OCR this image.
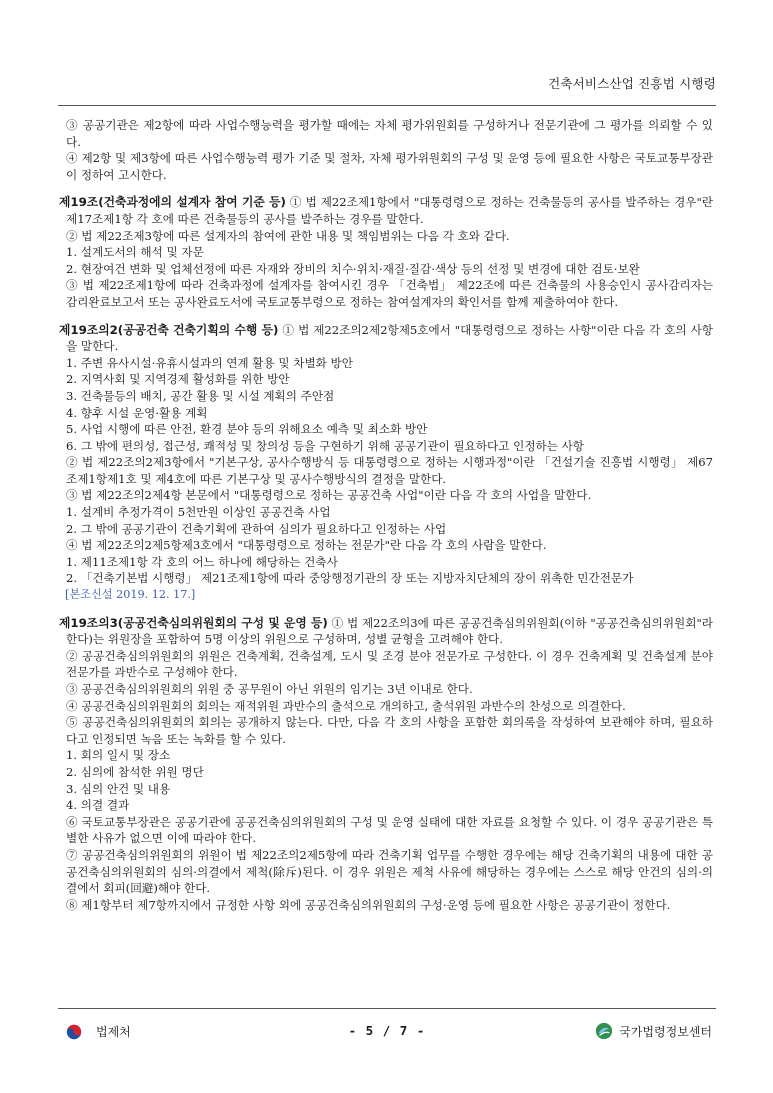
건축서비스산업 진흥법 시행령
③ 공공기관은 제2항에 따라 사업수행능력을 평가할 때에는 자체 평가위원회를 구성하거나 전문기관에 그 평가를 의뢰할 수 있다.
④ 제2항 및 제3항에 따른 사업수행능력 평가 기준 및 절차, 자체 평가위원회의 구성 및 운영 등에 필요한 사항은 국토교통부장관이 정하여 고시한다.
제19조(건축과정에의 설계자 참여 기준 등) ① 법 제22조제1항에서 "대통령령으로 정하는 건축물등의 공사를 발주하는 경우"란 제17조제1항 각 호에 따른 건축물등의 공사를 발주하는 경우를 말한다.
② 법 제22조제3항에 따른 설계자의 참여에 관한 내용 및 책임범위는 다음 각 호와 같다.
1. 설계도서의 해석 및 자문
2. 현장여건 변화 및 업체선정에 따른 자재와 장비의 치수·위치·재질·질감·색상 등의 선정 및 변경에 대한 검토·보완
③ 법 제22조제1항에 따라 건축과정에 설계자를 참여시킨 경우 「건축법」 제22조에 따른 건축물의 사용승인시 공사감리자는 감리완료보고서 또는 공사완료도서에 국토교통부령으로 정하는 참여설계자의 확인서를 함께 제출하여야 한다.
제19조의2(공공건축 건축기획의 수행 등) ① 법 제22조의2제2항제5호에서 "대통령령으로 정하는 사항"이란 다음 각 호의 사항을 말한다.
1. 주변 유사시설·유휴시설과의 연계 활용 및 차별화 방안
2. 지역사회 및 지역경제 활성화를 위한 방안
3. 건축물등의 배치, 공간 활용 및 시설 계획의 주안점
4. 향후 시설 운영·활용 계획
5. 사업 시행에 따른 안전, 환경 분야 등의 위해요소 예측 및 최소화 방안
6. 그 밖에 편의성, 접근성, 쾌적성 및 창의성 등을 구현하기 위해 공공기관이 필요하다고 인정하는 사항
② 법 제22조의2제3항에서 "기본구상, 공사수행방식 등 대통령령으로 정하는 시행과정"이란 「건설기술 진흥법 시행령」 제67조제1항제1호 및 제4호에 따른 기본구상 및 공사수행방식의 결정을 말한다.
③ 법 제22조의2제4항 본문에서 "대통령령으로 정하는 공공건축 사업"이란 다음 각 호의 사업을 말한다.
1. 설계비 추정가격이 5천만원 이상인 공공건축 사업
2. 그 밖에 공공기관이 건축기획에 관하여 심의가 필요하다고 인정하는 사업
④ 법 제22조의2제5항제3호에서 "대통령령으로 정하는 전문가"란 다음 각 호의 사람을 말한다.
1. 제11조제1항 각 호의 어느 하나에 해당하는 건축사
2. 「건축기본법 시행령」 제21조제1항에 따라 중앙행정기관의 장 또는 지방자치단체의 장이 위촉한 민간전문가
[본조신설 2019. 12. 17.]
제19조의3(공공건축심의위원회의 구성 및 운영 등) ① 법 제22조의3에 따른 공공건축심의위원회(이하 "공공건축심의위원회"라 한다)는 위원장을 포함하여 5명 이상의 위원으로 구성하며, 성별 균형을 고려해야 한다.
② 공공건축심의위원회의 위원은 건축계획, 건축설계, 도시 및 조경 분야 전문가로 구성한다. 이 경우 건축계획 및 건축설계 분야 전문가를 과반수로 구성해야 한다.
③ 공공건축심의위원회의 위원 중 공무원이 아닌 위원의 임기는 3년 이내로 한다.
④ 공공건축심의위원회의 회의는 재적위원 과반수의 출석으로 개의하고, 출석위원 과반수의 찬성으로 의결한다.
⑤ 공공건축심의위원회의 회의는 공개하지 않는다. 다만, 다음 각 호의 사항을 포함한 회의록을 작성하여 보관해야 하며, 필요하다고 인정되면 녹음 또는 녹화를 할 수 있다.
1. 회의 일시 및 장소
2. 심의에 참석한 위원 명단
3. 심의 안건 및 내용
4. 의결 결과
⑥ 국토교통부장관은 공공기관에 공공건축심의위원회의 구성 및 운영 실태에 대한 자료를 요청할 수 있다. 이 경우 공공기관은 특별한 사유가 없으면 이에 따라야 한다.
⑦ 공공건축심의위원회의 위원이 법 제22조의2제5항에 따라 건축기획 업무를 수행한 경우에는 해당 건축기획의 내용에 대한 공공건축심의위원회의 심의·의결에서 제척(除斥)된다. 이 경우 위원은 제척 사유에 해당하는 경우에는 스스로 해당 안건의 심의·의결에서 회피(回避)해야 한다.
⑧ 제1항부터 제7항까지에서 규정한 사항 외에 공공건축심의위원회의 구성·운영 등에 필요한 사항은 공공기관이 정한다.
법제처	- 5 / 7 -	국가법령정보센터
